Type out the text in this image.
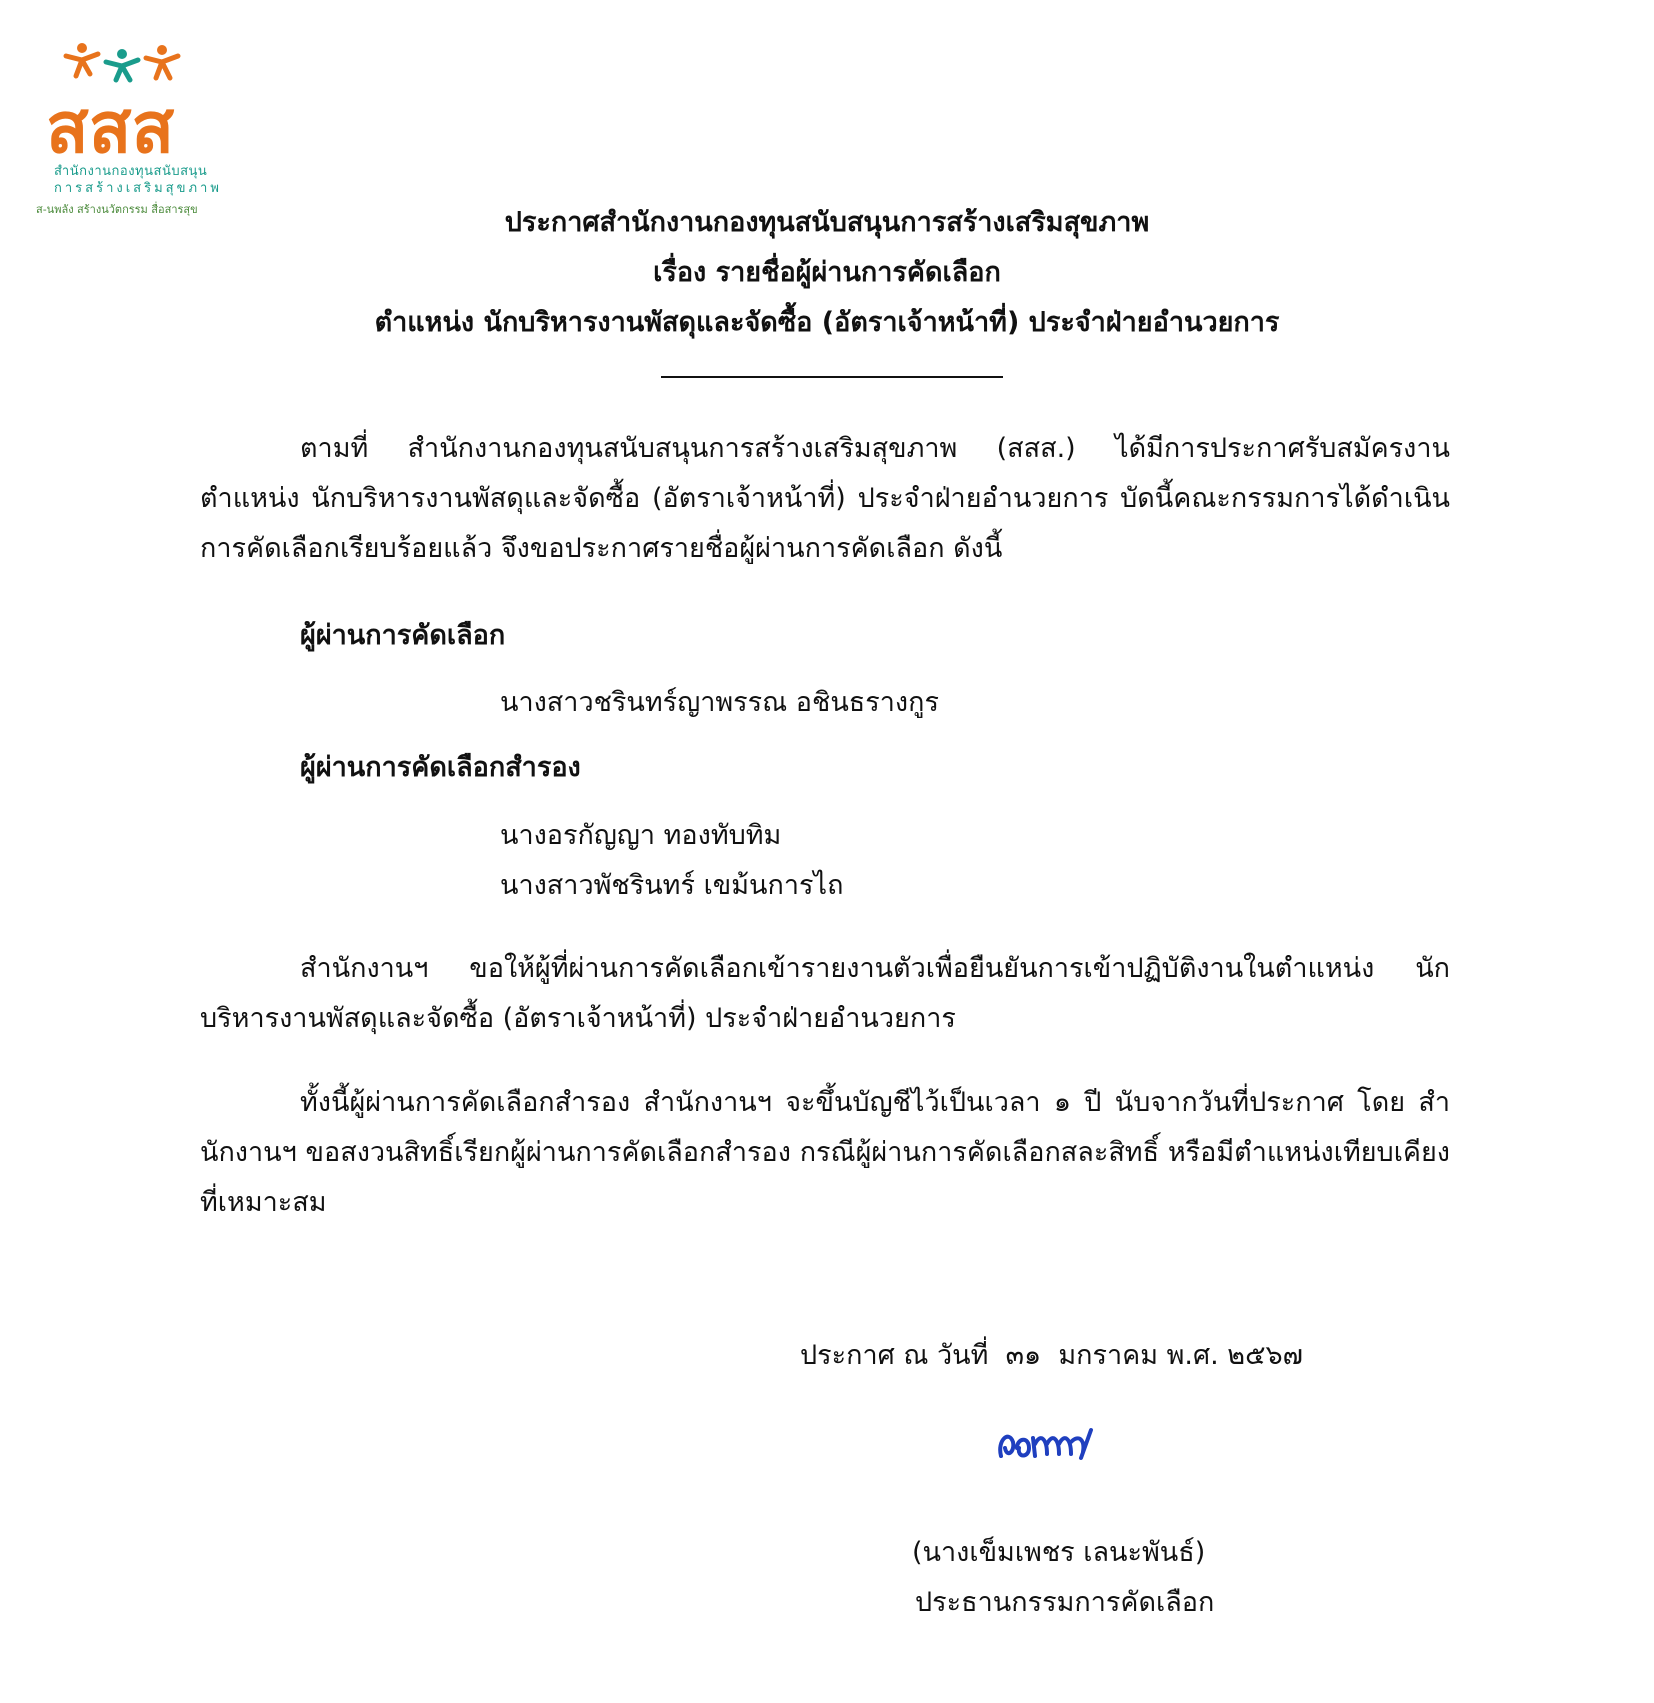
สสส
สำนักงานกองทุนสนับสนุน
การสร้างเสริมสุขภาพ
ส-นพลัง สร้างนวัตกรรม สื่อสารสุข	ประกาศสำนักงานกองทุนสนับสนุนการสร้างเสริมสุขภาพ
เรื่อง รายชื่อผู้ผ่านการคัดเลือก
ตำแหน่ง นักบริหารงานพัสดุและจัดซื้อ (อัตราเจ้าหน้าที่) ประจำฝ่ายอำนวยการ

ตามที่ สำนักงานกองทุนสนับสนุนการสร้างเสริมสุขภาพ (สสส.) ได้มีการประกาศรับสมัครงาน ตำแหน่ง นักบริหารงานพัสดุและจัดซื้อ (อัตราเจ้าหน้าที่) ประจำฝ่ายอำนวยการ บัดนี้คณะกรรมการได้ดำเนินการคัดเลือกเรียบร้อยแล้ว จึงขอประกาศรายชื่อผู้ผ่านการคัดเลือก ดังนี้

ผู้ผ่านการคัดเลือก
นางสาวชรินทร์ญาพรรณ อชินธรางกูร
ผู้ผ่านการคัดเลือกสำรอง
นางอรกัญญา ทองทับทิม
นางสาวพัชรินทร์ เขม้นการไถ

สำนักงานฯ ขอให้ผู้ที่ผ่านการคัดเลือกเข้ารายงานตัวเพื่อยืนยันการเข้าปฏิบัติงานในตำแหน่ง นักบริหารงานพัสดุและจัดซื้อ (อัตราเจ้าหน้าที่) ประจำฝ่ายอำนวยการ

ทั้งนี้ผู้ผ่านการคัดเลือกสำรอง สำนักงานฯ จะขึ้นบัญชีไว้เป็นเวลา ๑ ปี นับจากวันที่ประกาศ โดย สำนักงานฯ ขอสงวนสิทธิ์เรียกผู้ผ่านการคัดเลือกสำรอง กรณีผู้ผ่านการคัดเลือกสละสิทธิ์ หรือมีตำแหน่งเทียบเคียงที่เหมาะสม

ประกาศ ณ วันที่  ๓๑  มกราคม พ.ศ. ๒๕๖๗
(นางเข็มเพชร เลนะพันธ์)
ประธานกรรมการคัดเลือก
